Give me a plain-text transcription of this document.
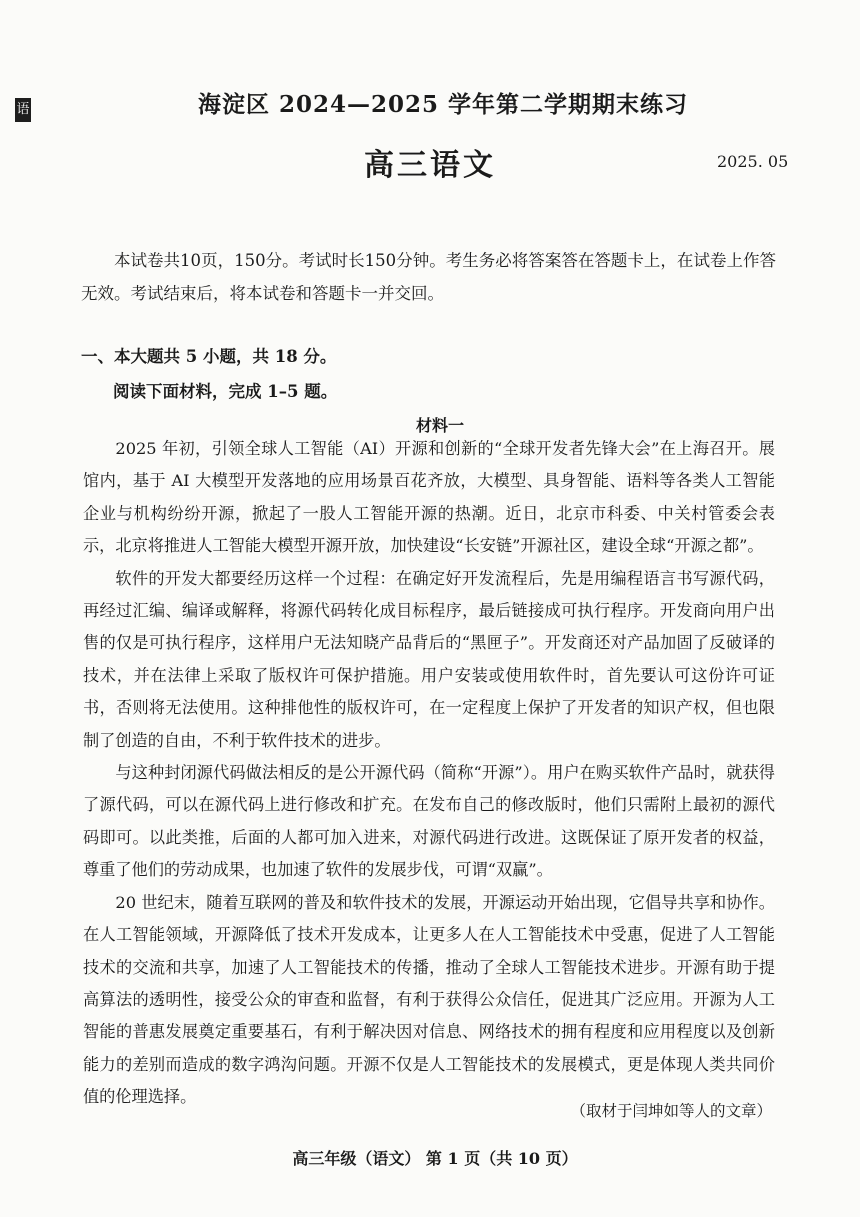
语	海淀区 2024—2025 学年第二学期期末练习
高三语文	2025. 05

本试卷共10页，150分。考试时长150分钟。考生务必将答案答在答题卡上，在试卷上作答无效。考试结束后，将本试卷和答题卡一并交回。

一、本大题共 5 小题，共 18 分。
阅读下面材料，完成 1–5 题。
材料一

2025 年初，引领全球人工智能（AI）开源和创新的“全球开发者先锋大会”在上海召开。展馆内，基于 AI 大模型开发落地的应用场景百花齐放，大模型、具身智能、语料等各类人工智能企业与机构纷纷开源，掀起了一股人工智能开源的热潮。近日，北京市科委、中关村管委会表示，北京将推进人工智能大模型开源开放，加快建设“长安链”开源社区，建设全球“开源之都”。

软件的开发大都要经历这样一个过程：在确定好开发流程后，先是用编程语言书写源代码，再经过汇编、编译或解释，将源代码转化成目标程序，最后链接成可执行程序。开发商向用户出售的仅是可执行程序，这样用户无法知晓产品背后的“黑匣子”。开发商还对产品加固了反破译的技术，并在法律上采取了版权许可保护措施。用户安装或使用软件时，首先要认可这份许可证书，否则将无法使用。这种排他性的版权许可，在一定程度上保护了开发者的知识产权，但也限制了创造的自由，不利于软件技术的进步。

与这种封闭源代码做法相反的是公开源代码（简称“开源”）。用户在购买软件产品时，就获得了源代码，可以在源代码上进行修改和扩充。在发布自己的修改版时，他们只需附上最初的源代码即可。以此类推，后面的人都可加入进来，对源代码进行改进。这既保证了原开发者的权益，尊重了他们的劳动成果，也加速了软件的发展步伐，可谓“双赢”。

20 世纪末，随着互联网的普及和软件技术的发展，开源运动开始出现，它倡导共享和协作。在人工智能领域，开源降低了技术开发成本，让更多人在人工智能技术中受惠，促进了人工智能技术的交流和共享，加速了人工智能技术的传播，推动了全球人工智能技术进步。开源有助于提高算法的透明性，接受公众的审查和监督，有利于获得公众信任，促进其广泛应用。开源为人工智能的普惠发展奠定重要基石，有利于解决因对信息、网络技术的拥有程度和应用程度以及创新能力的差别而造成的数字鸿沟问题。开源不仅是人工智能技术的发展模式，更是体现人类共同价值的伦理选择。

（取材于闫坤如等人的文章）
高三年级（语文） 第 1 页（共 10 页）
